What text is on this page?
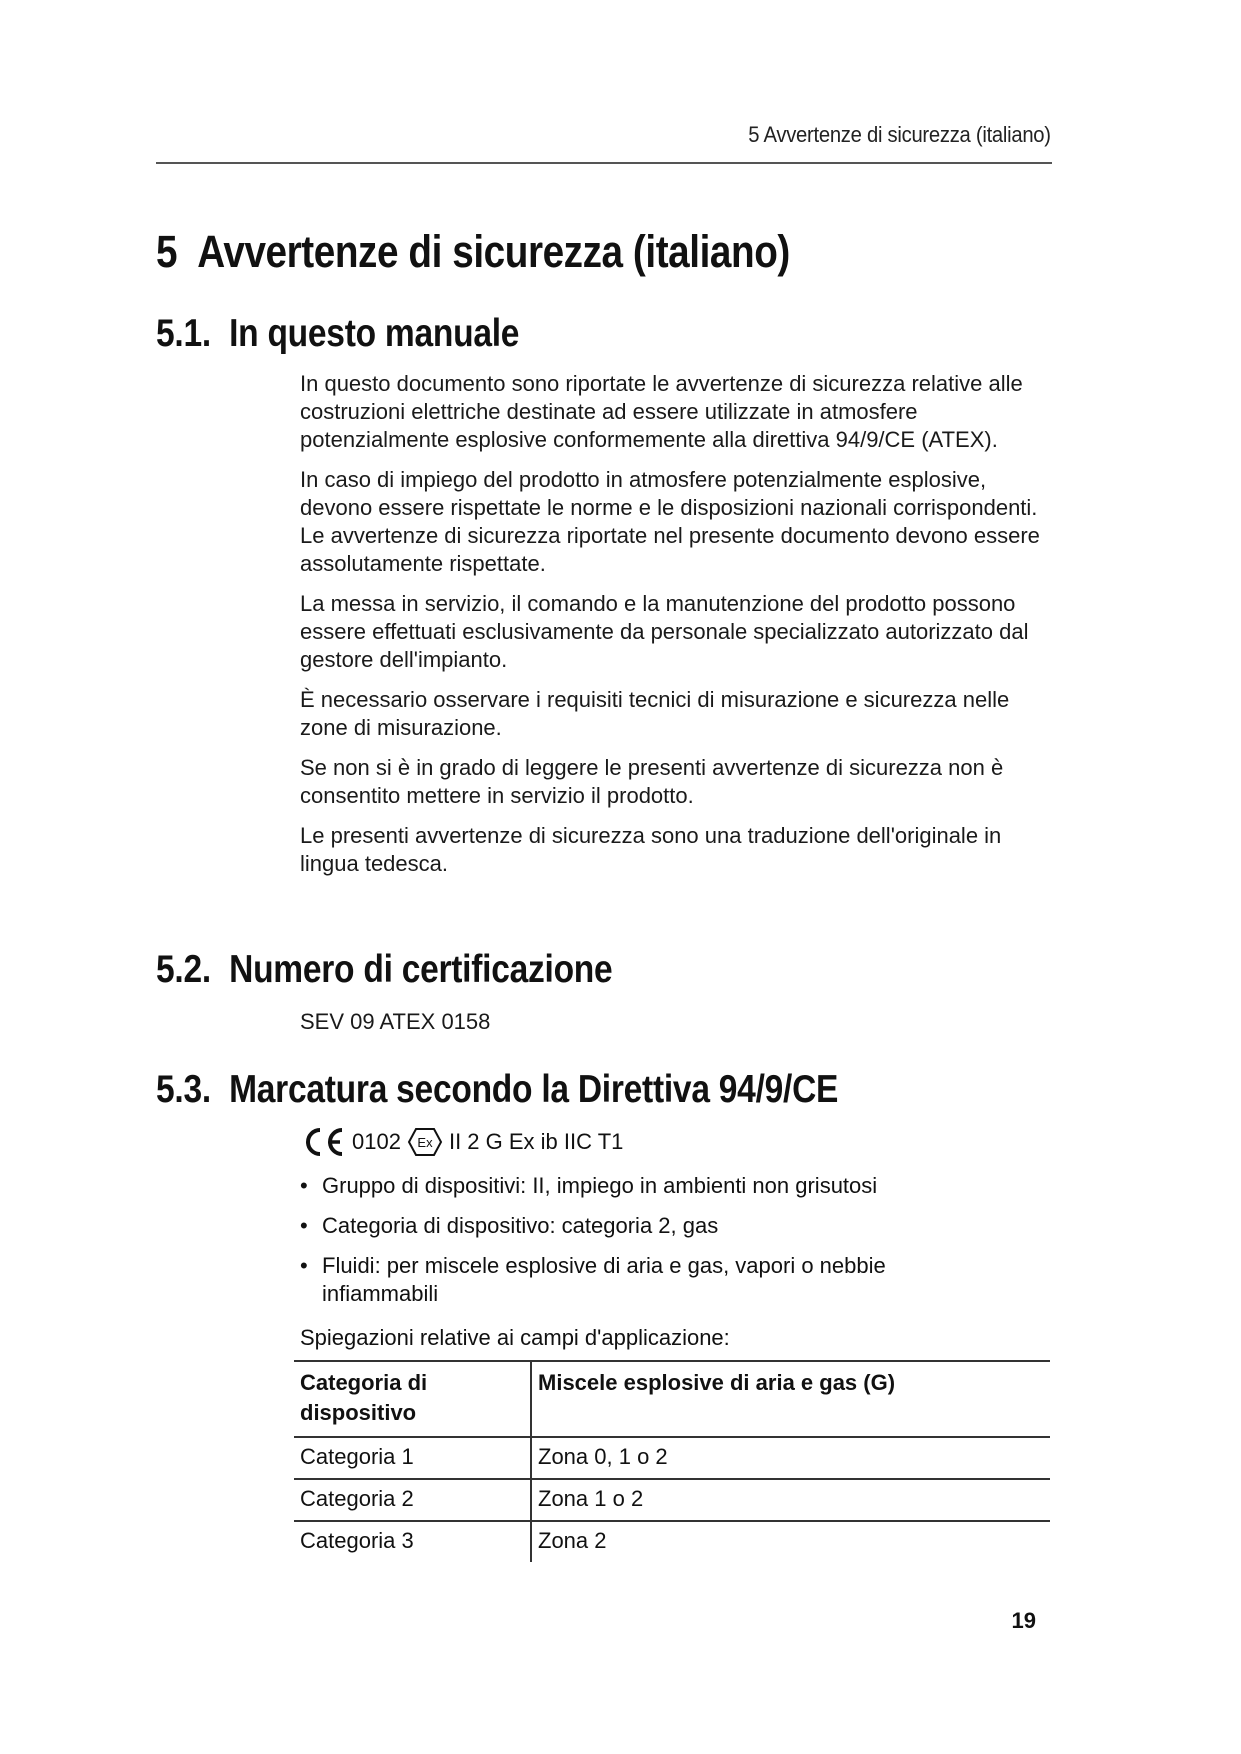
5 Avvertenze di sicurezza (italiano)
5 Avvertenze di sicurezza (italiano)
5.1. In questo manuale

In questo documento sono riportate le avvertenze di sicurezza relative alle costruzioni elettriche destinate ad essere utilizzate in atmosfere potenzialmente esplosive conformemente alla direttiva 94/9/CE (ATEX).

In caso di impiego del prodotto in atmosfere potenzialmente esplosive, devono essere rispettate le norme e le disposizioni nazionali corrispondenti. Le avvertenze di sicurezza riportate nel presente documento devono essere assolutamente rispettate.

La messa in servizio, il comando e la manutenzione del prodotto possono essere effettuati esclusivamente da personale specializzato autorizzato dal gestore dell'impianto.

È necessario osservare i requisiti tecnici di misurazione e sicurezza nelle zone di misurazione.

Se non si è in grado di leggere le presenti avvertenze di sicurezza non è consentito mettere in servizio il prodotto.

Le presenti avvertenze di sicurezza sono una traduzione dell'originale in lingua tedesca.

5.2. Numero di certificazione

SEV 09 ATEX 0158

5.3. Marcatura secondo la Direttiva 94/9/CE
0102 Ex II 2 G Ex ib IIC T1
• Gruppo di dispositivi: II, impiego in ambienti non grisutosi
• Categoria di dispositivo: categoria 2, gas
• Fluidi: per miscele esplosive di aria e gas, vapori o nebbie infiammabili
Spiegazioni relative ai campi d'applicazione:
Categoria di dispositivo	Miscele esplosive di aria e gas (G)
Categoria 1	Zona 0, 1 o 2
Categoria 2	Zona 1 o 2
Categoria 3	Zona 2
19
